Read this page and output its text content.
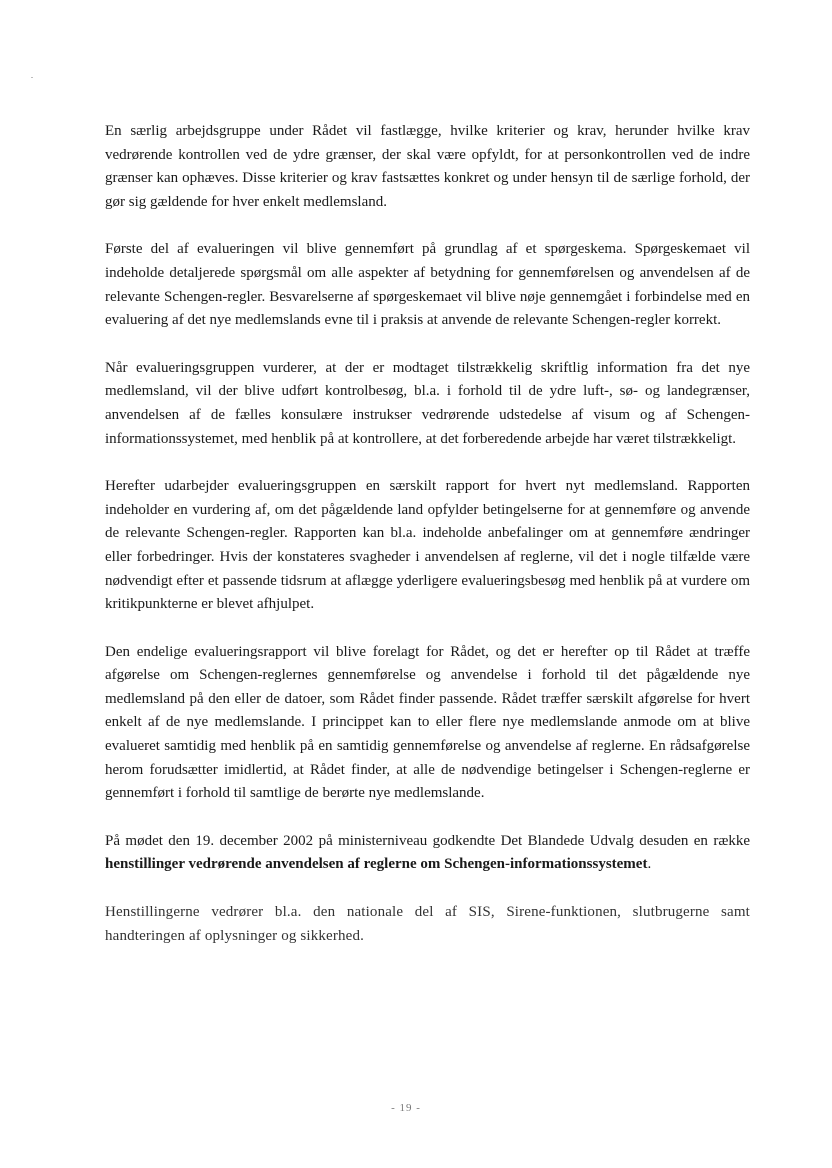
En særlig arbejdsgruppe under Rådet vil fastlægge, hvilke kriterier og krav, herunder hvilke krav vedrørende kontrollen ved de ydre grænser, der skal være opfyldt, for at personkontrollen ved de indre grænser kan ophæves. Disse kriterier og krav fastsættes konkret og under hensyn til de særlige forhold, der gør sig gældende for hver enkelt medlemsland.

Første del af evalueringen vil blive gennemført på grundlag af et spørgeskema. Spørgeskemaet vil indeholde detaljerede spørgsmål om alle aspekter af betydning for gennemførelsen og anvendelsen af de relevante Schengen-regler. Besvarelserne af spørgeskemaet vil blive nøje gennemgået i forbindelse med en evaluering af det nye medlemslands evne til i praksis at anvende de relevante Schengen-regler korrekt.

Når evalueringsgruppen vurderer, at der er modtaget tilstrækkelig skriftlig information fra det nye medlemsland, vil der blive udført kontrolbesøg, bl.a. i forhold til de ydre luft-, sø- og landegrænser, anvendelsen af de fælles konsulære instrukser vedrørende udstedelse af visum og af Schengen-informationssystemet, med henblik på at kontrollere, at det forberedende arbejde har været tilstrækkeligt.

Herefter udarbejder evalueringsgruppen en særskilt rapport for hvert nyt medlemsland. Rapporten indeholder en vurdering af, om det pågældende land opfylder betingelserne for at gennemføre og anvende de relevante Schengen-regler. Rapporten kan bl.a. indeholde anbefalinger om at gennemføre ændringer eller forbedringer. Hvis der konstateres svagheder i anvendelsen af reglerne, vil det i nogle tilfælde være nødvendigt efter et passende tidsrum at aflægge yderligere evalueringsbesøg med henblik på at vurdere om kritikpunkterne er blevet afhjulpet.

Den endelige evalueringsrapport vil blive forelagt for Rådet, og det er herefter op til Rådet at træffe afgørelse om Schengen-reglernes gennemførelse og anvendelse i forhold til det pågældende nye medlemsland på den eller de datoer, som Rådet finder passende. Rådet træffer særskilt afgørelse for hvert enkelt af de nye medlemslande. I princippet kan to eller flere nye medlemslande anmode om at blive evalueret samtidig med henblik på en samtidig gennemførelse og anvendelse af reglerne. En rådsafgørelse herom forudsætter imidlertid, at Rådet finder, at alle de nødvendige betingelser i Schengen-reglerne er gennemført i forhold til samtlige de berørte nye medlemslande.

På mødet den 19. december 2002 på ministerniveau godkendte Det Blandede Udvalg desuden en række henstillinger vedrørende anvendelsen af reglerne om Schengen-informationssystemet.

Henstillingerne vedrører bl.a. den nationale del af SIS, Sirene-funktionen, slutbrugerne samt handteringen af oplysninger og sikkerhed.

- 19 -
